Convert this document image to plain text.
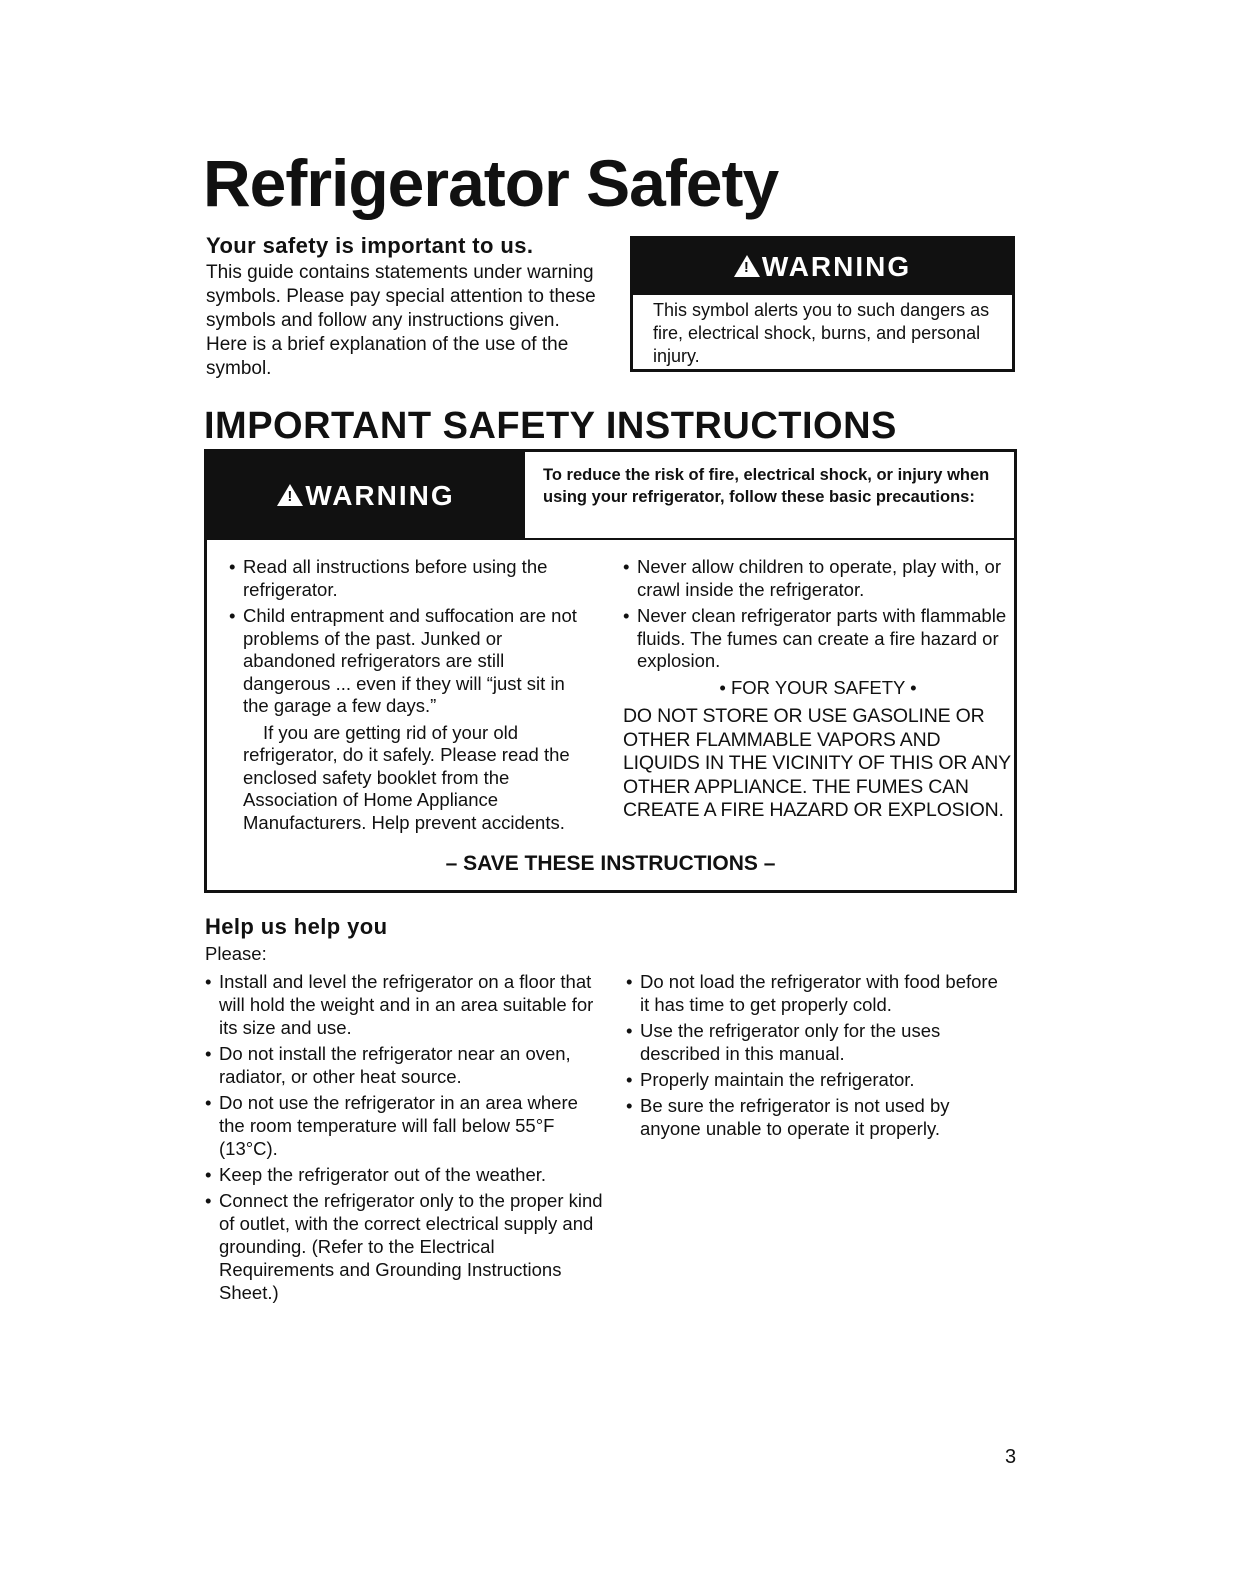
Refrigerator Safety
Your safety is important to us.
This guide contains statements under warning symbols. Please pay special attention to these symbols and follow any instructions given. Here is a brief explanation of the use of the symbol.
!
WARNING
This symbol alerts you to such dangers as fire, electrical shock, burns, and personal injury.
IMPORTANT SAFETY INSTRUCTIONS
!
WARNING
To reduce the risk of fire, electrical shock, or injury when using your refrigerator, follow these basic precautions:
• Read all instructions before using the refrigerator.
• Child entrapment and suffocation are not problems of the past. Junked or abandoned refrigerators are still dangerous ... even if they will “just sit in the garage a few days.”
If you are getting rid of your old refrigerator, do it safely. Please read the enclosed safety booklet from the Association of Home Appliance Manufacturers. Help prevent accidents.
• Never allow children to operate, play with, or crawl inside the refrigerator.
• Never clean refrigerator parts with flammable fluids. The fumes can create a fire hazard or explosion.
• FOR YOUR SAFETY •
DO NOT STORE OR USE GASOLINE OR OTHER FLAMMABLE VAPORS AND LIQUIDS IN THE VICINITY OF THIS OR ANY OTHER APPLIANCE. THE FUMES CAN CREATE A FIRE HAZARD OR EXPLOSION.
– SAVE THESE INSTRUCTIONS –
Help us help you
Please:
• Install and level the refrigerator on a floor that will hold the weight and in an area suitable for its size and use.
• Do not install the refrigerator near an oven, radiator, or other heat source.
• Do not use the refrigerator in an area where the room temperature will fall below 55°F (13°C).
• Keep the refrigerator out of the weather.
• Connect the refrigerator only to the proper kind of outlet, with the correct electrical supply and grounding. (Refer to the Electrical Requirements and Grounding Instructions Sheet.)
• Do not load the refrigerator with food before it has time to get properly cold.
• Use the refrigerator only for the uses described in this manual.
• Properly maintain the refrigerator.
• Be sure the refrigerator is not used by anyone unable to operate it properly.
3
